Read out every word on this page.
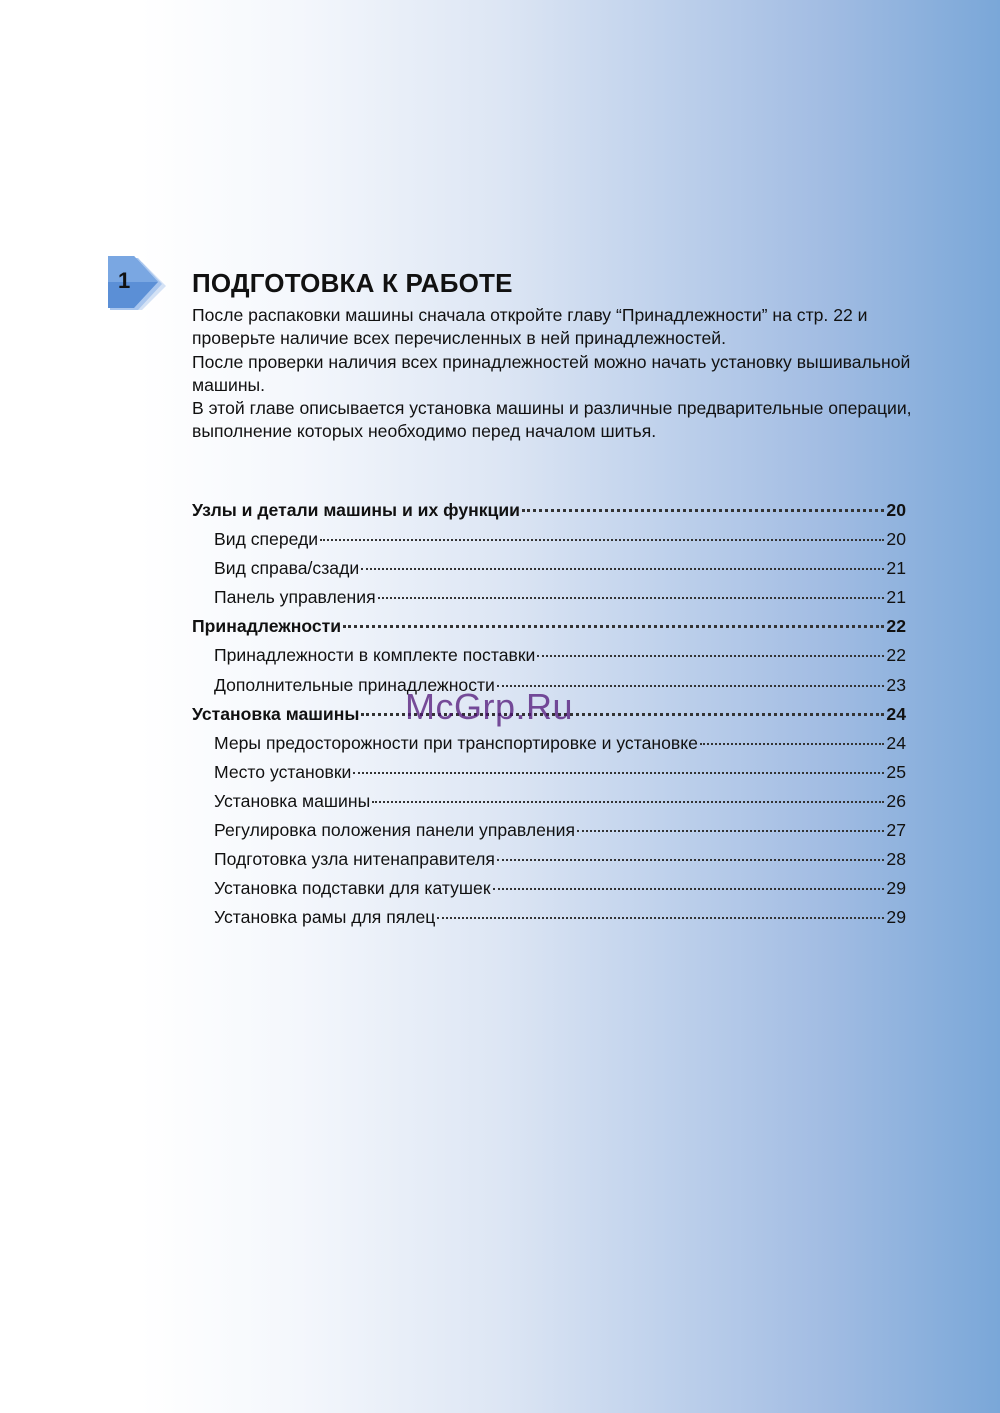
1 ПОДГОТОВКА К РАБОТЕ

После распаковки машины сначала откройте главу “Принадлежности” на стр. 22 и проверьте наличие всех перечисленных в ней принадлежностей.

После проверки наличия всех принадлежностей можно начать установку вышивальной машины.

В этой главе описывается установка машины и различные предварительные операции, выполнение которых необходимо перед началом шитья.

Узлы и детали машины и их функции	20
Вид спереди	20
Вид справа/сзади	21
Панель управления	21
Принадлежности	22
Принадлежности в комплекте поставки	22
Дополнительные принадлежности	23
Установка машины	24
Меры предосторожности при транспортировке и установке	24
Место установки	25
Установка машины	26
Регулировка положения панели управления	27
Подготовка узла нитенаправителя	28
Установка подставки для катушек	29
Установка рамы для пялец	29
McGrp.Ru
